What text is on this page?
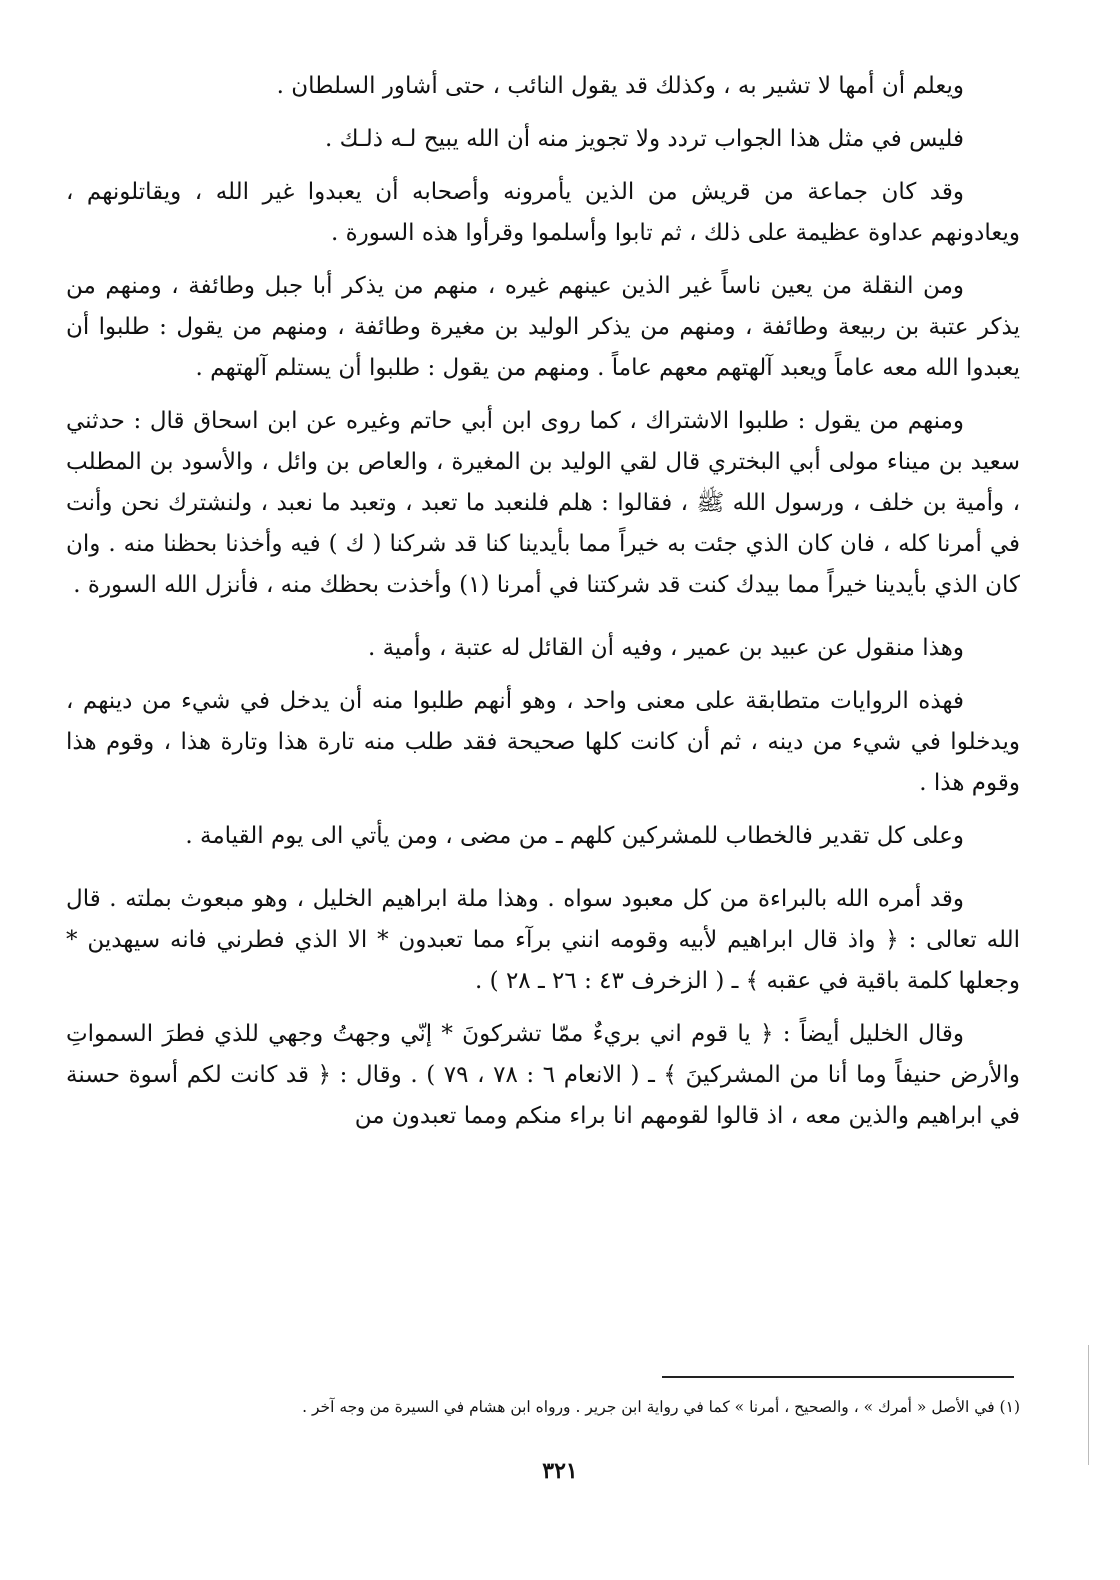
ويعلم أن أمها لا تشير به ، وكذلك قد يقول النائب ، حتى أشاور السلطان .

فليس في مثل هذا الجواب تردد ولا تجويز منه أن الله يبيح لـه ذلـك .

وقد كان جماعة من قريش من الذين يأمرونه وأصحابه أن يعبدوا غير الله ، ويقاتلونهم ، ويعادونهم عداوة عظيمة على ذلك ، ثم تابوا وأسلموا وقرأوا هذه السورة .

ومن النقلة من يعين ناساً غير الذين عينهم غيره ، منهم من يذكر أبا جبل وطائفة ، ومنهم من يذكر عتبة بن ربيعة وطائفة ، ومنهم من يذكر الوليد بن مغيرة وطائفة ، ومنهم من يقول : طلبوا أن يعبدوا الله معه عاماً ويعبد آلهتهم معهم عاماً . ومنهم من يقول : طلبوا أن يستلم آلهتهم .

ومنهم من يقول : طلبوا الاشتراك ، كما روى ابن أبي حاتم وغيره عن ابن اسحاق قال : حدثني سعيد بن ميناء مولى أبي البختري قال لقي الوليد بن المغيرة ، والعاص بن وائل ، والأسود بن المطلب ، وأمية بن خلف ، ورسول الله ﷺ ، فقالوا : هلم فلنعبد ما تعبد ، وتعبد ما نعبد ، ولنشترك نحن وأنت في أمرنا كله ، فان كان الذي جئت به خيراً مما بأيدينا كنا قد شركنا ( ك ) فيه وأخذنا بحظنا منه . وان كان الذي بأيدينا خيراً مما بيدك كنت قد شركتنا في أمرنا (١) وأخذت بحظك منه ، فأنزل الله السورة .

وهذا منقول عن عبيد بن عمير ، وفيه أن القائل له عتبة ، وأمية .

فهذه الروايات متطابقة على معنى واحد ، وهو أنهم طلبوا منه أن يدخل في شيء من دينهم ، ويدخلوا في شيء من دينه ، ثم أن كانت كلها صحيحة فقد طلب منه تارة هذا وتارة هذا ، وقوم هذا وقوم هذا .

وعلى كل تقدير فالخطاب للمشركين كلهم ـ من مضى ، ومن يأتي الى يوم القيامة .

وقد أمره الله بالبراءة من كل معبود سواه . وهذا ملة ابراهيم الخليل ، وهو مبعوث بملته . قال الله تعالى : ﴿ واذ قال ابراهيم لأبيه وقومه انني برآء مما تعبدون * الا الذي فطرني فانه سيهدين * وجعلها كلمة باقية في عقبه ﴾ ـ ( الزخرف ٤٣ : ٢٦ ـ ٢٨ ) .

وقال الخليل أيضاً : ﴿ يا قوم اني بريءٌ ممّا تشركونَ * إنّي وجهتُ وجهي للذي فطرَ السمواتِ والأرض حنيفاً وما أنا من المشركينَ ﴾ ـ ( الانعام ٦ : ٧٨ ، ٧٩ ) . وقال : ﴿ قد كانت لكم أسوة حسنة في ابراهيم والذين معه ، اذ قالوا لقومهم انا براء منكم ومما تعبدون من

(١) في الأصل « أمرك » ، والصحيح ، أمرنا » كما في رواية ابن جرير . ورواه ابن هشام في السيرة من وجه آخر .
٣٢١
